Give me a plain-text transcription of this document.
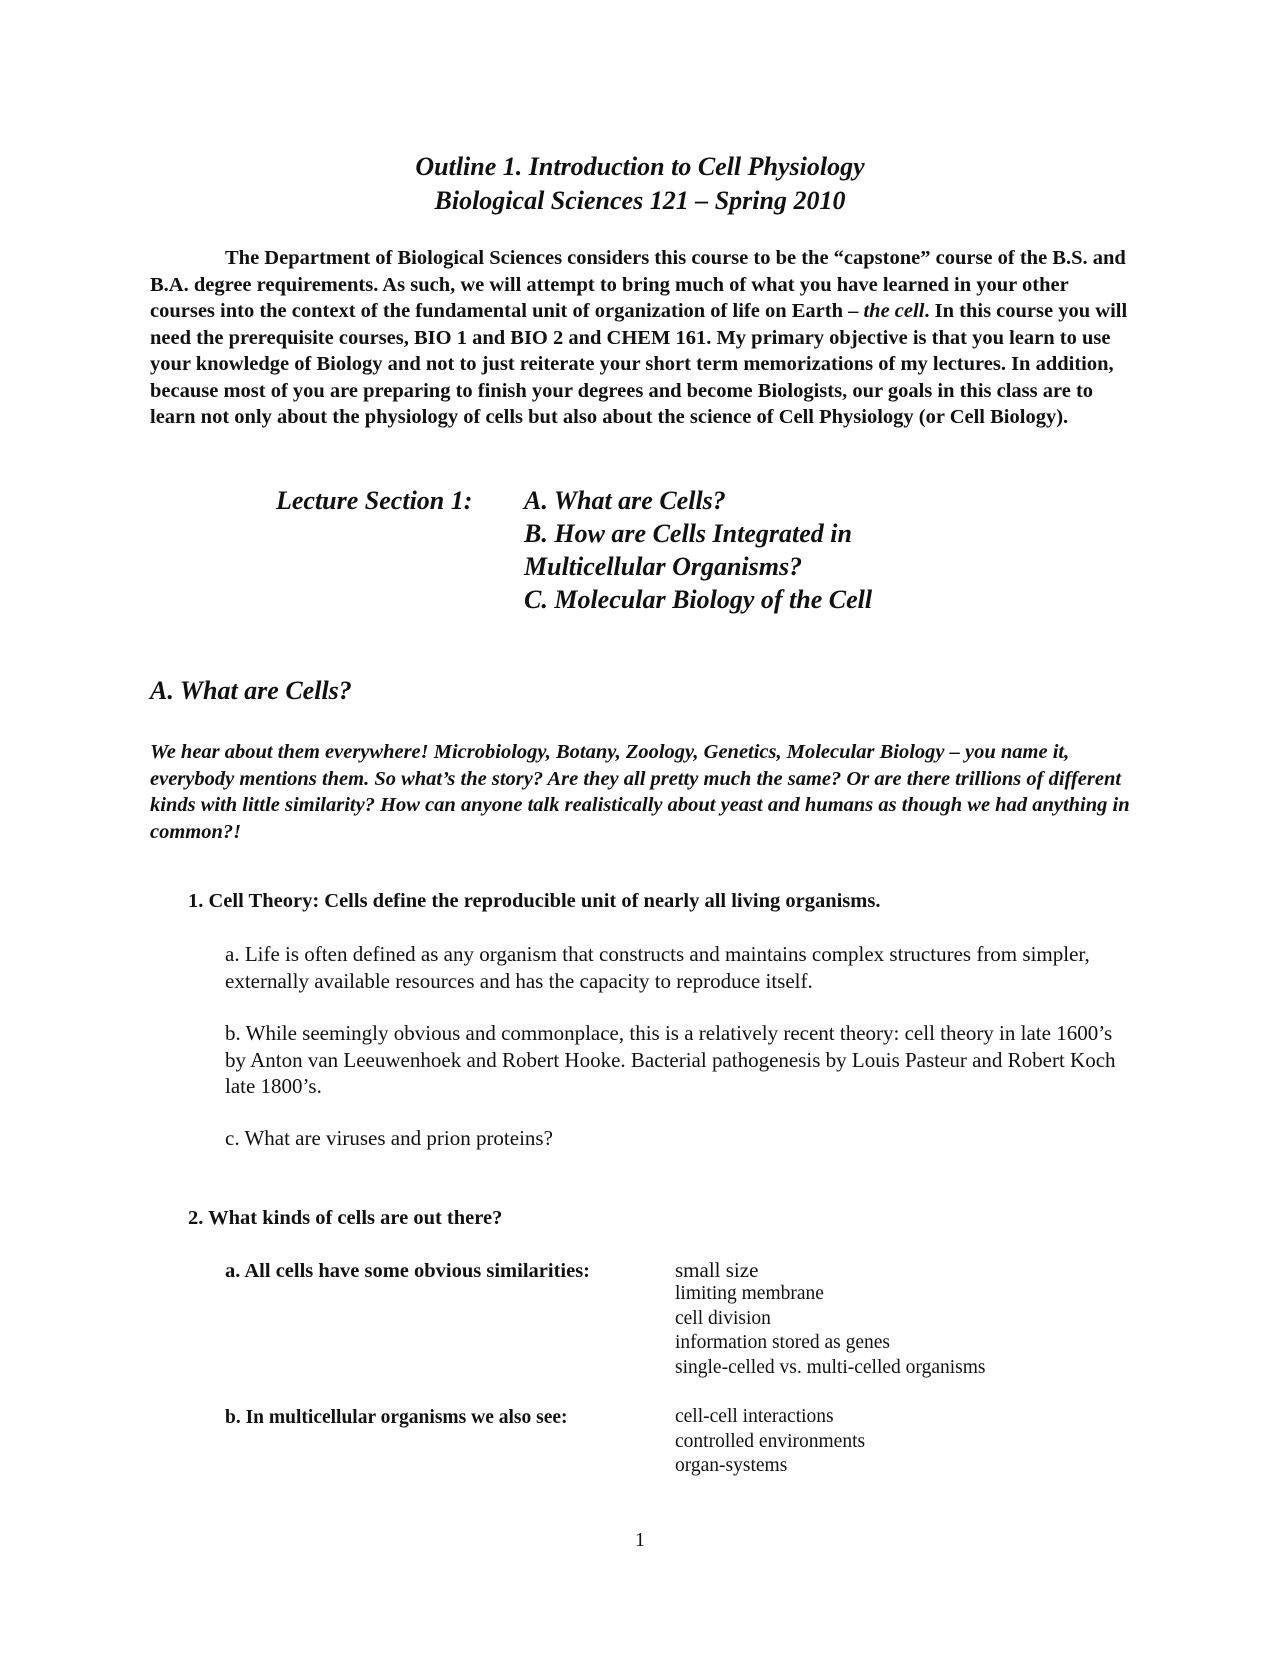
Outline 1. Introduction to Cell Physiology
Biological Sciences 121 – Spring 2010

The Department of Biological Sciences considers this course to be the “capstone” course of the B.S. and B.A. degree requirements. As such, we will attempt to bring much of what you have learned in your other courses into the context of the fundamental unit of organization of life on Earth – the cell. In this course you will need the prerequisite courses, BIO 1 and BIO 2 and CHEM 161. My primary objective is that you learn to use your knowledge of Biology and not to just reiterate your short term memorizations of my lectures. In addition, because most of you are preparing to finish your degrees and become Biologists, our goals in this class are to learn not only about the physiology of cells but also about the science of Cell Physiology (or Cell Biology).

Lecture Section 1: A. What are Cells?
B. How are Cells Integrated in
Multicellular Organisms?
C. Molecular Biology of the Cell
A. What are Cells?

We hear about them everywhere! Microbiology, Botany, Zoology, Genetics, Molecular Biology – you name it, everybody mentions them. So what’s the story? Are they all pretty much the same? Or are there trillions of different kinds with little similarity? How can anyone talk realistically about yeast and humans as though we had anything in common?!

1. Cell Theory: Cells define the reproducible unit of nearly all living organisms.

a. Life is often defined as any organism that constructs and maintains complex structures from simpler, externally available resources and has the capacity to reproduce itself.

b. While seemingly obvious and commonplace, this is a relatively recent theory: cell theory in late 1600’s by Anton van Leeuwenhoek and Robert Hooke. Bacterial pathogenesis by Louis Pasteur and Robert Koch late 1800’s.

c. What are viruses and prion proteins?

2. What kinds of cells are out there?
a. All cells have some obvious similarities:	small size
limiting membrane
cell division
information stored as genes
single-celled vs. multi-celled organisms
b. In multicellular organisms we also see:	cell-cell interactions
controlled environments
organ-systems
1
